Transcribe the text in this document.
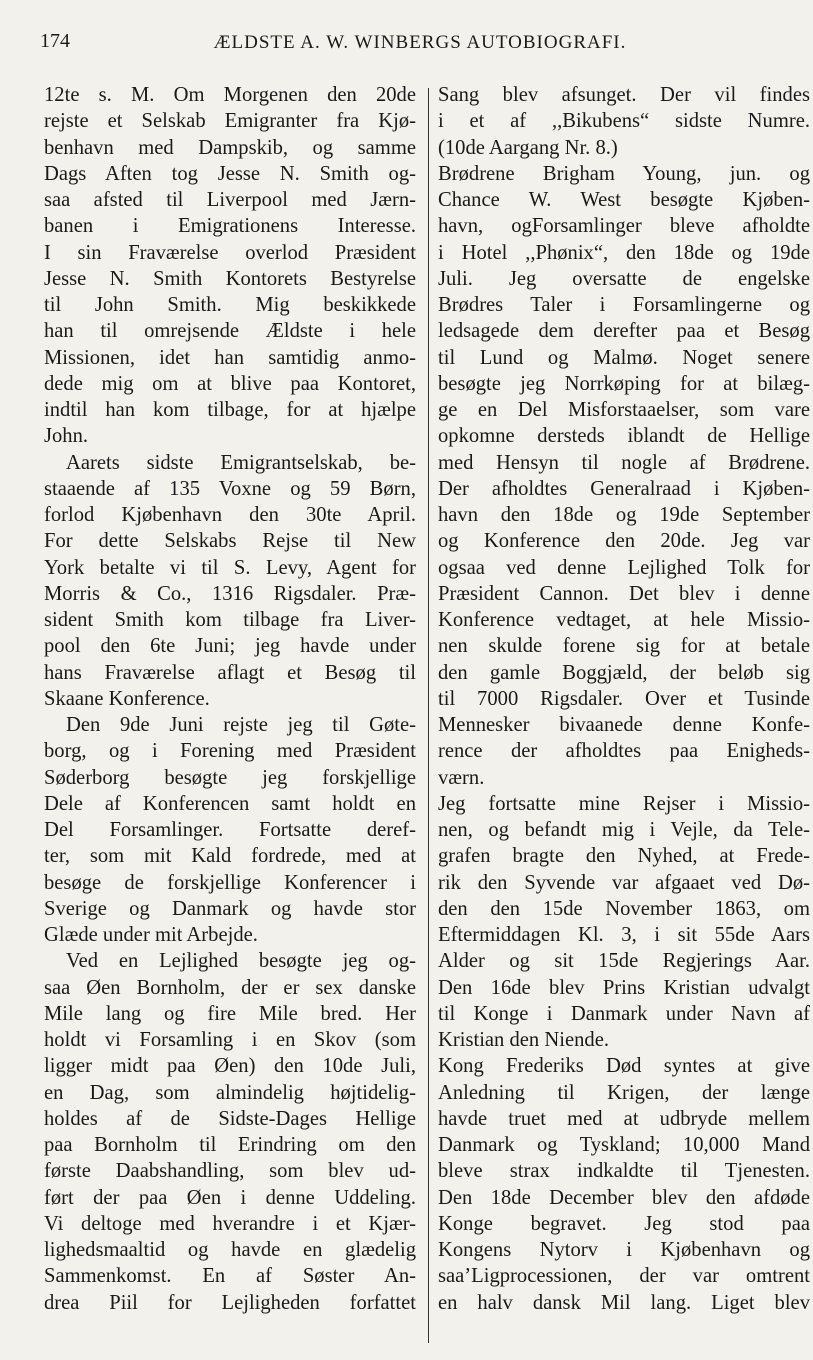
174	ÆLDSTE A. W. WINBERGS AUTOBIOGRAFI.
12te s. M. Om Morgenen den 20de
rejste et Selskab Emigranter fra Kjø-
benhavn med Dampskib, og samme
Dags Aften tog Jesse N. Smith og-
saa afsted til Liverpool med Jærn-
banen i Emigrationens Interesse.
I sin Fraværelse overlod Præsident
Jesse N. Smith Kontorets Bestyrelse
til John Smith. Mig beskikkede
han til omrejsende Ældste i hele
Missionen, idet han samtidig anmo-
dede mig om at blive paa Kontoret,
indtil han kom tilbage, for at hjælpe
John.
Aarets sidste Emigrantselskab, be-
staaende af 135 Voxne og 59 Børn,
forlod Kjøbenhavn den 30te April.
For dette Selskabs Rejse til New
York betalte vi til S. Levy, Agent for
Morris & Co., 1316 Rigsdaler. Præ-
sident Smith kom tilbage fra Liver-
pool den 6te Juni; jeg havde under
hans Fraværelse aflagt et Besøg til
Skaane Konference.
Den 9de Juni rejste jeg til Gøte-
borg, og i Forening med Præsident
Søderborg besøgte jeg forskjellige
Dele af Konferencen samt holdt en
Del Forsamlinger. Fortsatte deref-
ter, som mit Kald fordrede, med at
besøge de forskjellige Konferencer i
Sverige og Danmark og havde stor
Glæde under mit Arbejde.
Ved en Lejlighed besøgte jeg og-
saa Øen Bornholm, der er sex danske
Mile lang og fire Mile bred. Her
holdt vi Forsamling i en Skov (som
ligger midt paa Øen) den 10de Juli,
en Dag, som almindelig højtidelig-
holdes af de Sidste-Dages Hellige
paa Bornholm til Erindring om den
første Daabshandling, som blev ud-
ført der paa Øen i denne Uddeling.
Vi deltoge med hverandre i et Kjær-
lighedsmaaltid og havde en glædelig
Sammenkomst. En af Søster An-
drea Piil for Lejligheden forfattet
Sang blev afsunget. Der vil findes
i et af ,,Bikubens“ sidste Numre.
(10de Aargang Nr. 8.)
Brødrene Brigham Young, jun. og
Chance W. West besøgte Kjøben-
havn, ogForsamlinger bleve afholdte
i Hotel ,,Phønix“, den 18de og 19de
Juli. Jeg oversatte de engelske
Brødres Taler i Forsamlingerne og
ledsagede dem derefter paa et Besøg
til Lund og Malmø. Noget senere
besøgte jeg Norrkøping for at bilæg-
ge en Del Misforstaaelser, som vare
opkomne dersteds iblandt de Hellige
med Hensyn til nogle af Brødrene.
Der afholdtes Generalraad i Kjøben-
havn den 18de og 19de September
og Konference den 20de. Jeg var
ogsaa ved denne Lejlighed Tolk for
Præsident Cannon. Det blev i denne
Konference vedtaget, at hele Missio-
nen skulde forene sig for at betale
den gamle Boggjæld, der beløb sig
til 7000 Rigsdaler. Over et Tusinde
Mennesker bivaanede denne Konfe-
rence der afholdtes paa Enigheds-
værn.
Jeg fortsatte mine Rejser i Missio-
nen, og befandt mig i Vejle, da Tele-
grafen bragte den Nyhed, at Frede-
rik den Syvende var afgaaet ved Dø-
den den 15de November 1863, om
Eftermiddagen Kl. 3, i sit 55de Aars
Alder og sit 15de Regjerings Aar.
Den 16de blev Prins Kristian udvalgt
til Konge i Danmark under Navn af
Kristian den Niende.
Kong Frederiks Død syntes at give
Anledning til Krigen, der længe
havde truet med at udbryde mellem
Danmark og Tyskland; 10,000 Mand
bleve strax indkaldte til Tjenesten.
Den 18de December blev den afdøde
Konge begravet. Jeg stod paa
Kongens Nytorv i Kjøbenhavn og
saa’Ligprocessionen, der var omtrent
en halv dansk Mil lang. Liget blev
